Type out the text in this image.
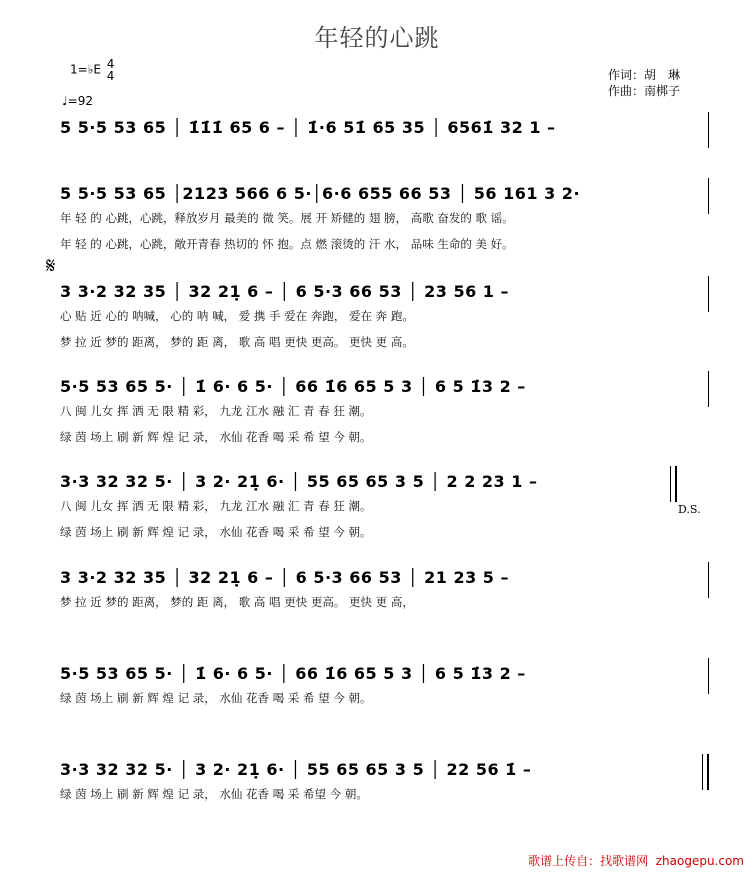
年轻的心跳
1=♭E 4
4
♩=92
作词：胡　琳
作曲：南梆子
𝄋
D.S.
5 5·5 53 65 │ 1̇1̇1̇ 65 6 – │ 1̇·6 51̇ 65 35 │ 6561̇ 32 1 –
5 5·5 53 65 │2123 566 6 5·│6·6 655 66 53 │ 56 161 3 2·
年 轻 的 心跳，心跳，释放岁月 最美的 微 笑。展 开 矫健的 翅 膀， 高歌 奋发的 歌 谣。
年 轻 的 心跳，心跳，敞开青春 热切的 怀 抱。点 燃 滚烫的 汗 水， 品味 生命的 美 好。
3 3·2 32 35 │ 32 21̣ 6 – │ 6 5·3 66 53 │ 23 56 1 –
心 贴 近 心的 呐喊， 心的 呐 喊， 爱 携 手 爱在 奔跑， 爱在 奔 跑。
梦 拉 近 梦的 距离， 梦的 距 离， 歌 高 唱 更快 更高。 更快 更 高。
5·5 53 65 5· │ 1̇ 6· 6 5· │ 66 1̇6 65 5 3 │ 6 5 1̇3 2 –
八 闽 儿女 挥 洒 无 限 精 彩， 九龙 江水 融 汇 青 春 狂 潮。
绿 茵 场上 刷 新 辉 煌 记 录， 水仙 花香 喝 采 希 望 今 朝。
3·3 32 32 5· │ 3 2· 21̣ 6· │ 55 65 65 3 5 │ 2 2 23 1 –
八 闽 儿女 挥 洒 无 限 精 彩， 九龙 江水 融 汇 青 春 狂 潮。
绿 茵 场上 刷 新 辉 煌 记 录， 水仙 花香 喝 采 希 望 今 朝。
3 3·2 32 35 │ 32 21̣ 6 – │ 6 5·3 66 53 │ 21 23 5 –
梦 拉 近 梦的 距离， 梦的 距 离， 歌 高 唱 更快 更高。 更快 更 高，
5·5 53 65 5· │ 1̇ 6· 6 5· │ 66 1̇6 65 5 3 │ 6 5 1̇3 2 –
绿 茵 场上 刷 新 辉 煌 记 录， 水仙 花香 喝 采 希 望 今 朝。
3·3 32 32 5· │ 3 2· 21̣ 6· │ 55 65 65 3 5 │ 22 56 1̇ –
绿 茵 场上 刷 新 辉 煌 记 录， 水仙 花香 喝 采 希望 今 朝。
歌谱上传自：找歌谱网 zhaogepu.com
